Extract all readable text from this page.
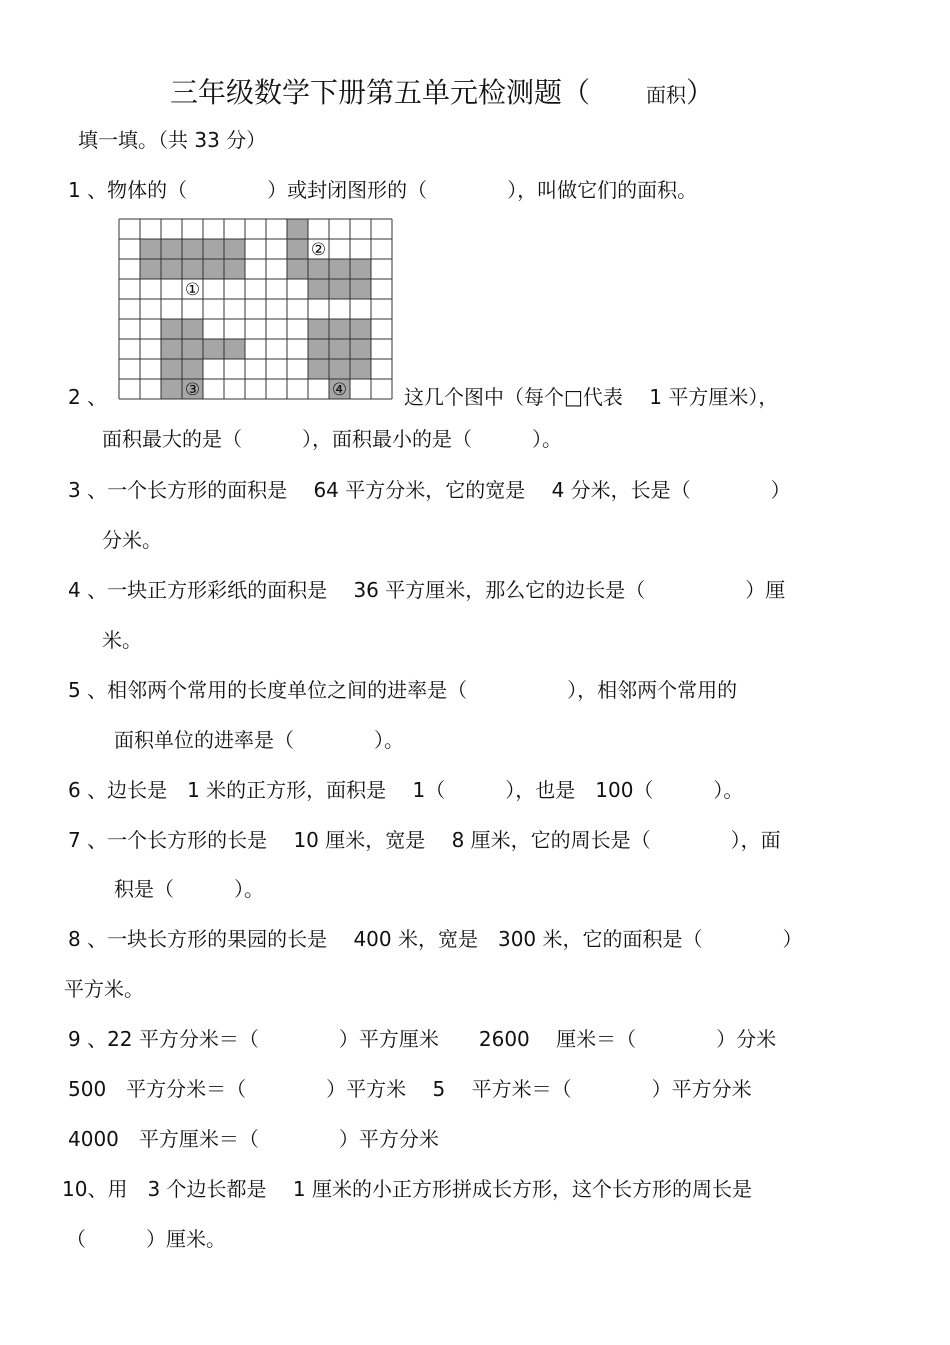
三年级数学下册第五单元检测题（　　	面积）
填一填。（共 33 分）
1 、物体的（　　　　）或封闭图形的（　　　　），叫做它们的面积。
①
②
③	④
2 、	这几个图中（每个□代表　 1 平方厘米），
面积最大的是（　　　），面积最小的是（　　　）。
3 、一个长方形的面积是　 64 平方分米，它的宽是　 4 分米，长是（　　　　）
分米。
4 、一块正方形彩纸的面积是　 36 平方厘米，那么它的边长是（　　　　　）厘
米。
5 、相邻两个常用的长度单位之间的进率是（　　　　　），相邻两个常用的
面积单位的进率是（　　　　）。
6 、边长是　1 米的正方形，面积是　 1（　　　），也是　100（　　　）。
7 、一个长方形的长是　 10 厘米，宽是　 8 厘米，它的周长是（　　　　），面
积是（　　　）。
8 、一块长方形的果园的长是　 400 米，宽是　300 米，它的面积是（　　　　）
平方米。
9 、22 平方分米＝（　　　　）平方厘米　　2600　 厘米＝（　　　　）分米
500　平方分米＝（　　　　）平方米　 5　 平方米＝（　　　　）平方分米
4000　平方厘米＝（　　　　）平方分米
10、用　3 个边长都是　 1 厘米的小正方形拼成长方形，这个长方形的周长是
（　　　）厘米。
